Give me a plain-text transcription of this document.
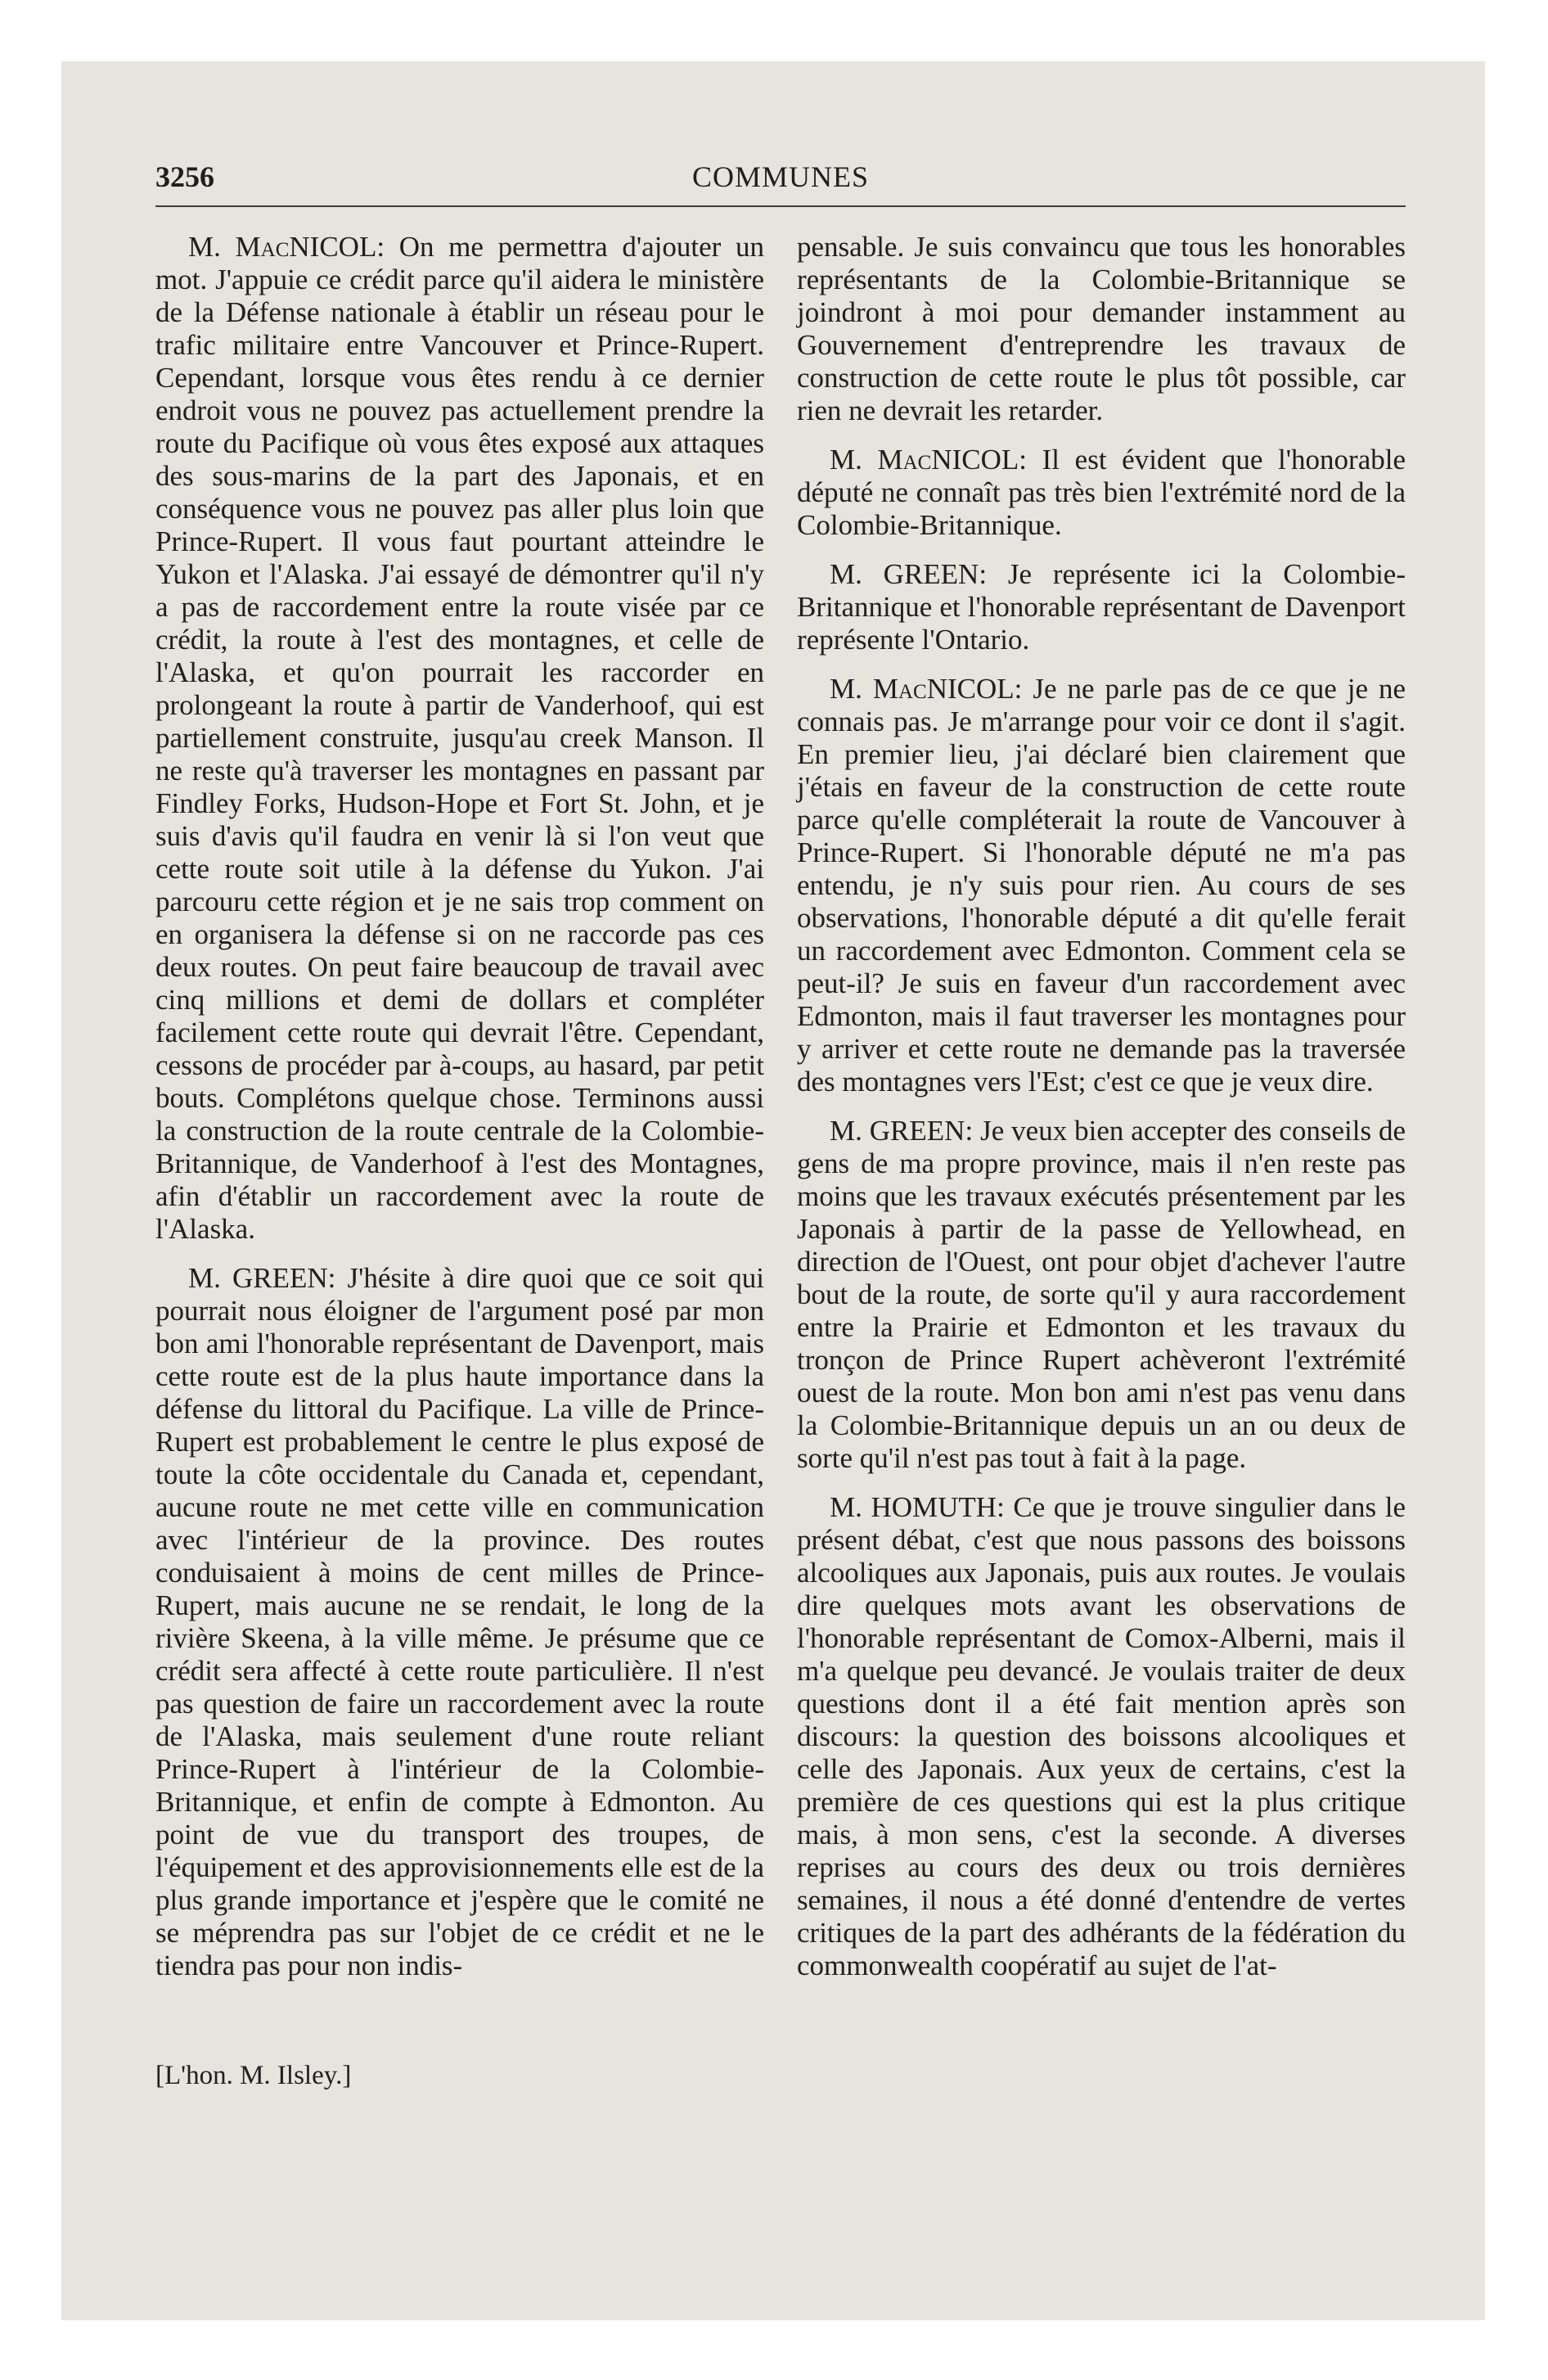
3256	COMMUNES

M. MacNICOL: On me permettra d'ajouter un mot. J'appuie ce crédit parce qu'il aidera le ministère de la Défense nationale à établir un réseau pour le trafic militaire entre Vancouver et Prince-Rupert. Cependant, lorsque vous êtes rendu à ce dernier endroit vous ne pouvez pas actuellement prendre la route du Pacifique où vous êtes exposé aux attaques des sous-marins de la part des Japonais, et en conséquence vous ne pouvez pas aller plus loin que Prince-Rupert. Il vous faut pourtant atteindre le Yukon et l'Alaska. J'ai essayé de démontrer qu'il n'y a pas de raccordement entre la route visée par ce crédit, la route à l'est des montagnes, et celle de l'Alaska, et qu'on pourrait les raccorder en prolongeant la route à partir de Vanderhoof, qui est partiellement construite, jusqu'au creek Manson. Il ne reste qu'à traverser les montagnes en passant par Findley Forks, Hudson-Hope et Fort St. John, et je suis d'avis qu'il faudra en venir là si l'on veut que cette route soit utile à la défense du Yukon. J'ai parcouru cette région et je ne sais trop comment on en organisera la défense si on ne raccorde pas ces deux routes. On peut faire beaucoup de travail avec cinq millions et demi de dollars et compléter facilement cette route qui devrait l'être. Cependant, cessons de procéder par à-coups, au hasard, par petit bouts. Complétons quelque chose. Terminons aussi la construction de la route centrale de la Colombie-Britannique, de Vanderhoof à l'est des Montagnes, afin d'établir un raccordement avec la route de l'Alaska.

M. GREEN: J'hésite à dire quoi que ce soit qui pourrait nous éloigner de l'argument posé par mon bon ami l'honorable représentant de Davenport, mais cette route est de la plus haute importance dans la défense du littoral du Pacifique. La ville de Prince-Rupert est probablement le centre le plus exposé de toute la côte occidentale du Canada et, cependant, aucune route ne met cette ville en communication avec l'intérieur de la province. Des routes conduisaient à moins de cent milles de Prince-Rupert, mais aucune ne se rendait, le long de la rivière Skeena, à la ville même. Je présume que ce crédit sera affecté à cette route particulière. Il n'est pas question de faire un raccordement avec la route de l'Alaska, mais seulement d'une route reliant Prince-Rupert à l'intérieur de la Colombie-Britannique, et enfin de compte à Edmonton. Au point de vue du transport des troupes, de l'équipement et des approvisionnements elle est de la plus grande importance et j'espère que le comité ne se méprendra pas sur l'objet de ce crédit et ne le tiendra pas pour non indis-

pensable. Je suis convaincu que tous les honorables représentants de la Colombie-Britannique se joindront à moi pour demander instamment au Gouvernement d'entreprendre les travaux de construction de cette route le plus tôt possible, car rien ne devrait les retarder.

M. MacNICOL: Il est évident que l'honorable député ne connaît pas très bien l'extrémité nord de la Colombie-Britannique.

M. GREEN: Je représente ici la Colombie-Britannique et l'honorable représentant de Davenport représente l'Ontario.

M. MacNICOL: Je ne parle pas de ce que je ne connais pas. Je m'arrange pour voir ce dont il s'agit. En premier lieu, j'ai déclaré bien clairement que j'étais en faveur de la construction de cette route parce qu'elle compléterait la route de Vancouver à Prince-Rupert. Si l'honorable député ne m'a pas entendu, je n'y suis pour rien. Au cours de ses observations, l'honorable député a dit qu'elle ferait un raccordement avec Edmonton. Comment cela se peut-il? Je suis en faveur d'un raccordement avec Edmonton, mais il faut traverser les montagnes pour y arriver et cette route ne demande pas la traversée des montagnes vers l'Est; c'est ce que je veux dire.

M. GREEN: Je veux bien accepter des conseils de gens de ma propre province, mais il n'en reste pas moins que les travaux exécutés présentement par les Japonais à partir de la passe de Yellowhead, en direction de l'Ouest, ont pour objet d'achever l'autre bout de la route, de sorte qu'il y aura raccordement entre la Prairie et Edmonton et les travaux du tronçon de Prince Rupert achèveront l'extrémité ouest de la route. Mon bon ami n'est pas venu dans la Colombie-Britannique depuis un an ou deux de sorte qu'il n'est pas tout à fait à la page.

M. HOMUTH: Ce que je trouve singulier dans le présent débat, c'est que nous passons des boissons alcooliques aux Japonais, puis aux routes. Je voulais dire quelques mots avant les observations de l'honorable représentant de Comox-Alberni, mais il m'a quelque peu devancé. Je voulais traiter de deux questions dont il a été fait mention après son discours: la question des boissons alcooliques et celle des Japonais. Aux yeux de certains, c'est la première de ces questions qui est la plus critique mais, à mon sens, c'est la seconde. A diverses reprises au cours des deux ou trois dernières semaines, il nous a été donné d'entendre de vertes critiques de la part des adhérants de la fédération du commonwealth coopératif au sujet de l'at-

[L'hon. M. Ilsley.]
